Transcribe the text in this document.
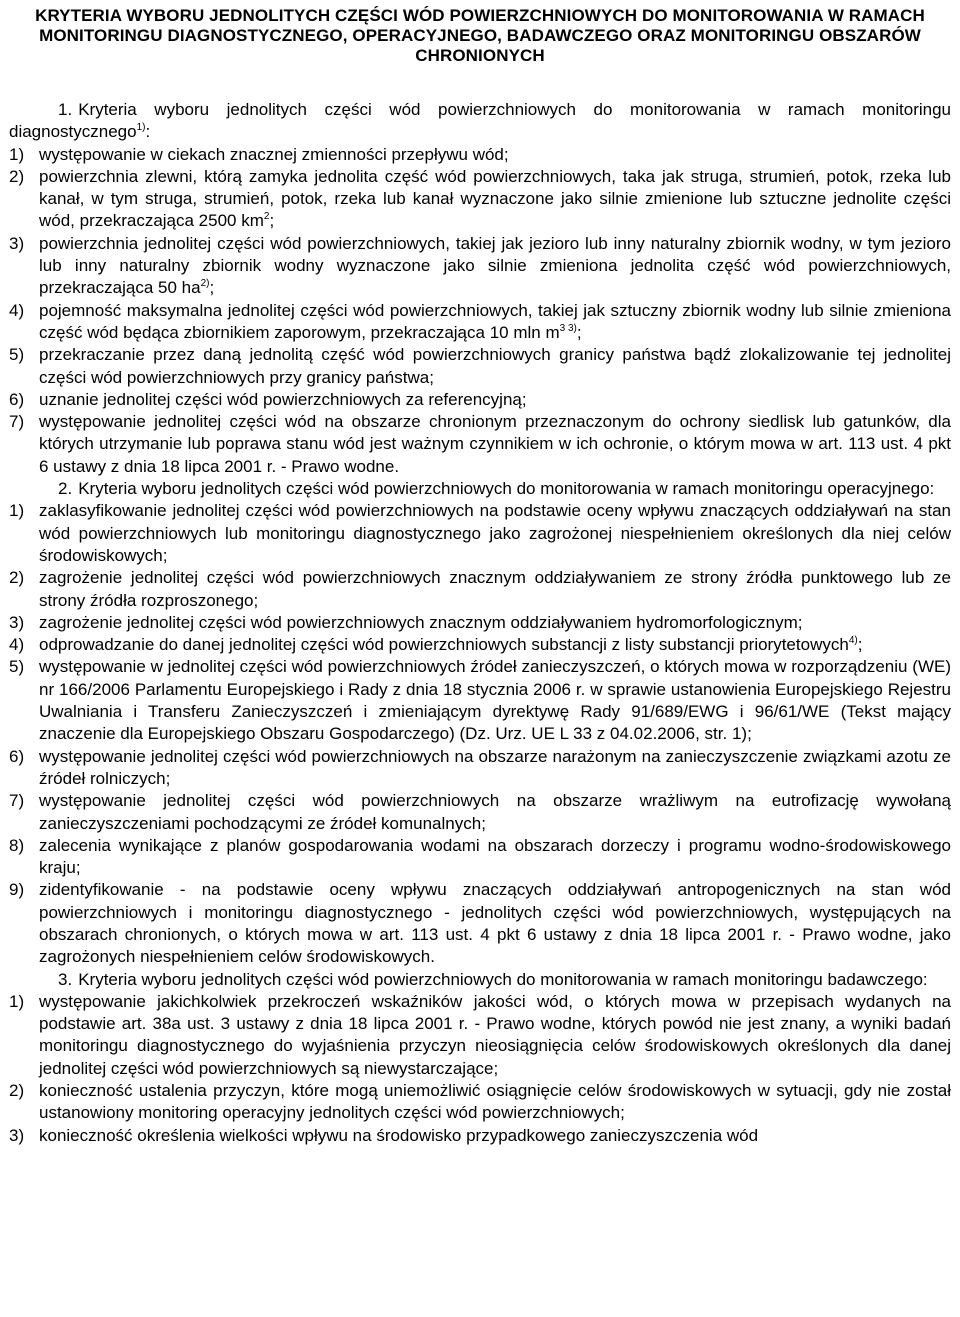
KRYTERIA WYBORU JEDNOLITYCH CZĘŚCI WÓD POWIERZCHNIOWYCH DO MONITOROWANIA W RAMACH MONITORINGU DIAGNOSTYCZNEGO, OPERACYJNEGO, BADAWCZEGO ORAZ MONITORINGU OBSZARÓW CHRONIONYCH

1. Kryteria wyboru jednolitych części wód powierzchniowych do monitorowania w ramach monitoringu diagnostycznego$^{1)}$:

1) występowanie w ciekach znacznej zmienności przepływu wód;
2) powierzchnia zlewni, którą zamyka jednolita część wód powierzchniowych, taka jak struga, strumień, potok, rzeka lub kanał, w tym struga, strumień, potok, rzeka lub kanał wyznaczone jako silnie zmienione lub sztuczne jednolite części wód, przekraczająca 2500 $km^2$;
3) powierzchnia jednolitej części wód powierzchniowych, takiej jak jezioro lub inny naturalny zbiornik wodny, w tym jezioro lub inny naturalny zbiornik wodny wyznaczone jako silnie zmieniona jednolita część wód powierzchniowych, przekraczająca 50 $ha^{2)}$;
4) pojemność maksymalna jednolitej części wód powierzchniowych, takiej jak sztuczny zbiornik wodny lub silnie zmieniona część wód będąca zbiornikiem zaporowym, przekraczająca 10 mln $m^{3 3)}$;
5) przekraczanie przez daną jednolitą część wód powierzchniowych granicy państwa bądź zlokalizowanie tej jednolitej części wód powierzchniowych przy granicy państwa;
6) uznanie jednolitej części wód powierzchniowych za referencyjną;
7) występowanie jednolitej części wód na obszarze chronionym przeznaczonym do ochrony siedlisk lub gatunków, dla których utrzymanie lub poprawa stanu wód jest ważnym czynnikiem w ich ochronie, o którym mowa w art. 113 ust. 4 pkt 6 ustawy z dnia 18 lipca 2001 r. - Prawo wodne.

2. Kryteria wyboru jednolitych części wód powierzchniowych do monitorowania w ramach monitoringu operacyjnego:

1) zaklasyfikowanie jednolitej części wód powierzchniowych na podstawie oceny wpływu znaczących oddziaływań na stan wód powierzchniowych lub monitoringu diagnostycznego jako zagrożonej niespełnieniem określonych dla niej celów środowiskowych;
2) zagrożenie jednolitej części wód powierzchniowych znacznym oddziaływaniem ze strony źródła punktowego lub ze strony źródła rozproszonego;
3) zagrożenie jednolitej części wód powierzchniowych znacznym oddziaływaniem hydromorfologicznym;
4) odprowadzanie do danej jednolitej części wód powierzchniowych substancji z listy substancji priorytetowych$^{4)}$;
5) występowanie w jednolitej części wód powierzchniowych źródeł zanieczyszczeń, o których mowa w rozporządzeniu (WE) nr 166/2006 Parlamentu Europejskiego i Rady z dnia 18 stycznia 2006 r. w sprawie ustanowienia Europejskiego Rejestru Uwalniania i Transferu Zanieczyszczeń i zmieniającym dyrektywę Rady 91/689/EWG i 96/61/WE (Tekst mający znaczenie dla Europejskiego Obszaru Gospodarczego) (Dz. Urz. UE L 33 z 04.02.2006, str. 1);
6) występowanie jednolitej części wód powierzchniowych na obszarze narażonym na zanieczyszczenie związkami azotu ze źródeł rolniczych;
7) występowanie jednolitej części wód powierzchniowych na obszarze wrażliwym na eutrofizację wywołaną zanieczyszczeniami pochodzącymi ze źródeł komunalnych;
8) zalecenia wynikające z planów gospodarowania wodami na obszarach dorzeczy i programu wodno-środowiskowego kraju;
9) zidentyfikowanie - na podstawie oceny wpływu znaczących oddziaływań antropogenicznych na stan wód powierzchniowych i monitoringu diagnostycznego - jednolitych części wód powierzchniowych, występujących na obszarach chronionych, o których mowa w art. 113 ust. 4 pkt 6 ustawy z dnia 18 lipca 2001 r. - Prawo wodne, jako zagrożonych niespełnieniem celów środowiskowych.

3. Kryteria wyboru jednolitych części wód powierzchniowych do monitorowania w ramach monitoringu badawczego:

1) występowanie jakichkolwiek przekroczeń wskaźników jakości wód, o których mowa w przepisach wydanych na podstawie art. 38a ust. 3 ustawy z dnia 18 lipca 2001 r. - Prawo wodne, których powód nie jest znany, a wyniki badań monitoringu diagnostycznego do wyjaśnienia przyczyn nieosiągnięcia celów środowiskowych określonych dla danej jednolitej części wód powierzchniowych są niewystarczające;
2) konieczność ustalenia przyczyn, które mogą uniemożliwić osiągnięcie celów środowiskowych w sytuacji, gdy nie został ustanowiony monitoring operacyjny jednolitych części wód powierzchniowych;
3) konieczność określenia wielkości wpływu na środowisko przypadkowego zanieczyszczenia wód
